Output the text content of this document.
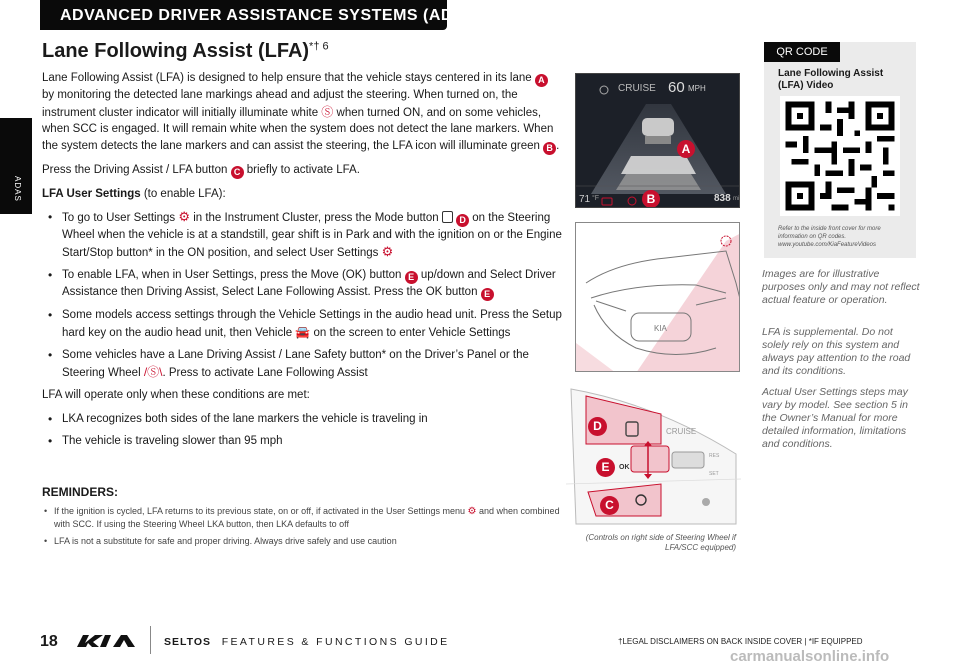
ADVANCED DRIVER ASSISTANCE SYSTEMS (ADAS)
ADAS
Lane Following Assist (LFA)$^{*\dagger 6}$

Lane Following Assist (LFA) is designed to help ensure that the vehicle stays centered in its lane A by monitoring the detected lane markings ahead and adjust the steering. When turned on, the instrument cluster indicator will initially illuminate white Ⓢ when turned ON, and on some vehicles, when SCC is engaged. It will remain white when the system does not detect the lane markers. When the system detects the lane markers and can assist the steering, the LFA icon will illuminate green B .

Press the Driving Assist / LFA button C briefly to activate LFA.

LFA User Settings (to enable LFA):

• To go to User Settings ⚙ in the Instrument Cluster, press the Mode button  D on the Steering Wheel when the vehicle is at a standstill, gear shift is in Park and with the ignition on or the Engine Start/Stop button* in the ON position, and select User Settings ⚙
• To enable LFA, when in User Settings, press the Move (OK) button E up/down and Select Driver Assistance then Driving Assist, Select Lane Following Assist. Press the OK button E
• Some models access settings through the Vehicle Settings in the audio head unit. Press the Setup hard key on the audio head unit, then Vehicle 🚘 on the screen to enter Vehicle Settings
• Some vehicles have a Lane Driving Assist / Lane Safety button* on the Driver’s Panel or the Steering Wheel /Ⓢ\. Press to activate Lane Following Assist

LFA will operate only when these conditions are met:

• LKA recognizes both sides of the lane markers the vehicle is traveling in
• The vehicle is traveling slower than 95 mph
REMINDERS:
• If the ignition is cycled, LFA returns to its previous state, on or off, if activated in the User Settings menu ⚙ and when combined with SCC. If using the Steering Wheel LKA button, then LKA defaults to off
• LFA is not a substitute for safe and proper driving. Always drive safely and use caution
CRUISE 60 MPH
71 °F	838 mi
A
B
KIA
CRUISE
OK
RES
SET
D
E
C
(Controls on right side of Steering Wheel if LFA/SCC equipped)
QR CODE
Lane Following Assist (LFA) Video
Refer to the inside front cover for more information on QR codes. www.youtube.com/KiaFeatureVideos
Images are for illustrative purposes only and may not reflect actual feature or operation.
LFA is supplemental. Do not solely rely on this system and always pay attention to the road and its conditions.
Actual User Settings steps may vary by model. See section 5 in the Owner’s Manual for more detailed information, limitations and conditions.
18	SELTOS FEATURES & FUNCTIONS GUIDE	†LEGAL DISCLAIMERS ON BACK INSIDE COVER | *IF EQUIPPED
carmanualsonline.info
